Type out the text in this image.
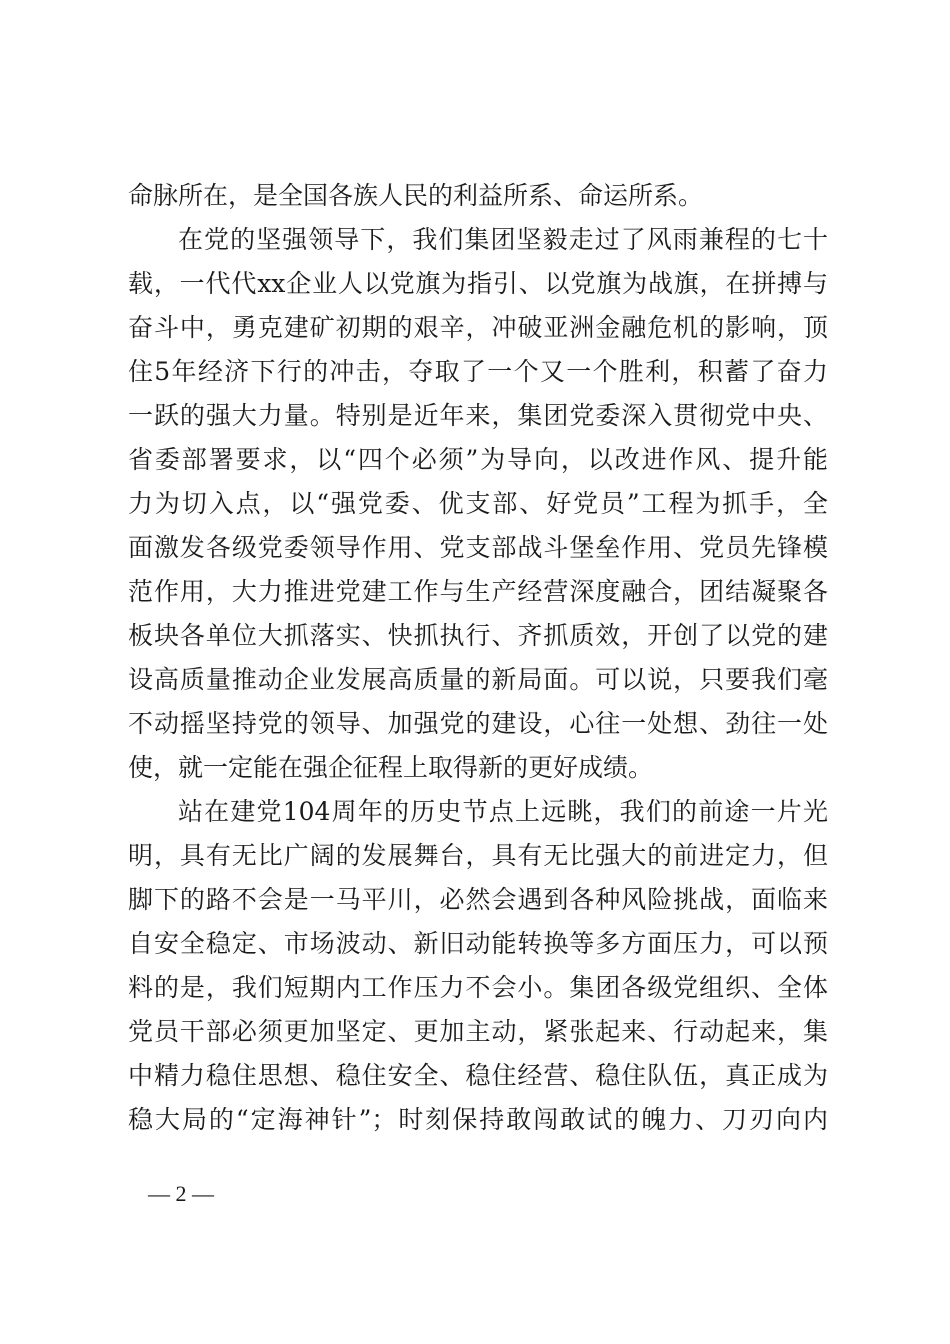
命脉所在，是全国各族人民的利益所系、命运所系。
在党的坚强领导下，我们集团坚毅走过了风雨兼程的七十
载，一代代xx企业人以党旗为指引、以党旗为战旗，在拼搏与
奋斗中，勇克建矿初期的艰辛，冲破亚洲金融危机的影响，顶
住5年经济下行的冲击，夺取了一个又一个胜利，积蓄了奋力
一跃的强大力量。特别是近年来，集团党委深入贯彻党中央、
省委部署要求，以“四个必须”为导向，以改进作风、提升能
力为切入点，以“强党委、优支部、好党员”工程为抓手，全
面激发各级党委领导作用、党支部战斗堡垒作用、党员先锋模
范作用，大力推进党建工作与生产经营深度融合，团结凝聚各
板块各单位大抓落实、快抓执行、齐抓质效，开创了以党的建
设高质量推动企业发展高质量的新局面。可以说，只要我们毫
不动摇坚持党的领导、加强党的建设，心往一处想、劲往一处
使，就一定能在强企征程上取得新的更好成绩。
站在建党104周年的历史节点上远眺，我们的前途一片光
明，具有无比广阔的发展舞台，具有无比强大的前进定力，但
脚下的路不会是一马平川，必然会遇到各种风险挑战，面临来
自安全稳定、市场波动、新旧动能转换等多方面压力，可以预
料的是，我们短期内工作压力不会小。集团各级党组织、全体
党员干部必须更加坚定、更加主动，紧张起来、行动起来，集
中精力稳住思想、稳住安全、稳住经营、稳住队伍，真正成为
稳大局的“定海神针”；时刻保持敢闯敢试的魄力、刀刃向内
— 2 —
